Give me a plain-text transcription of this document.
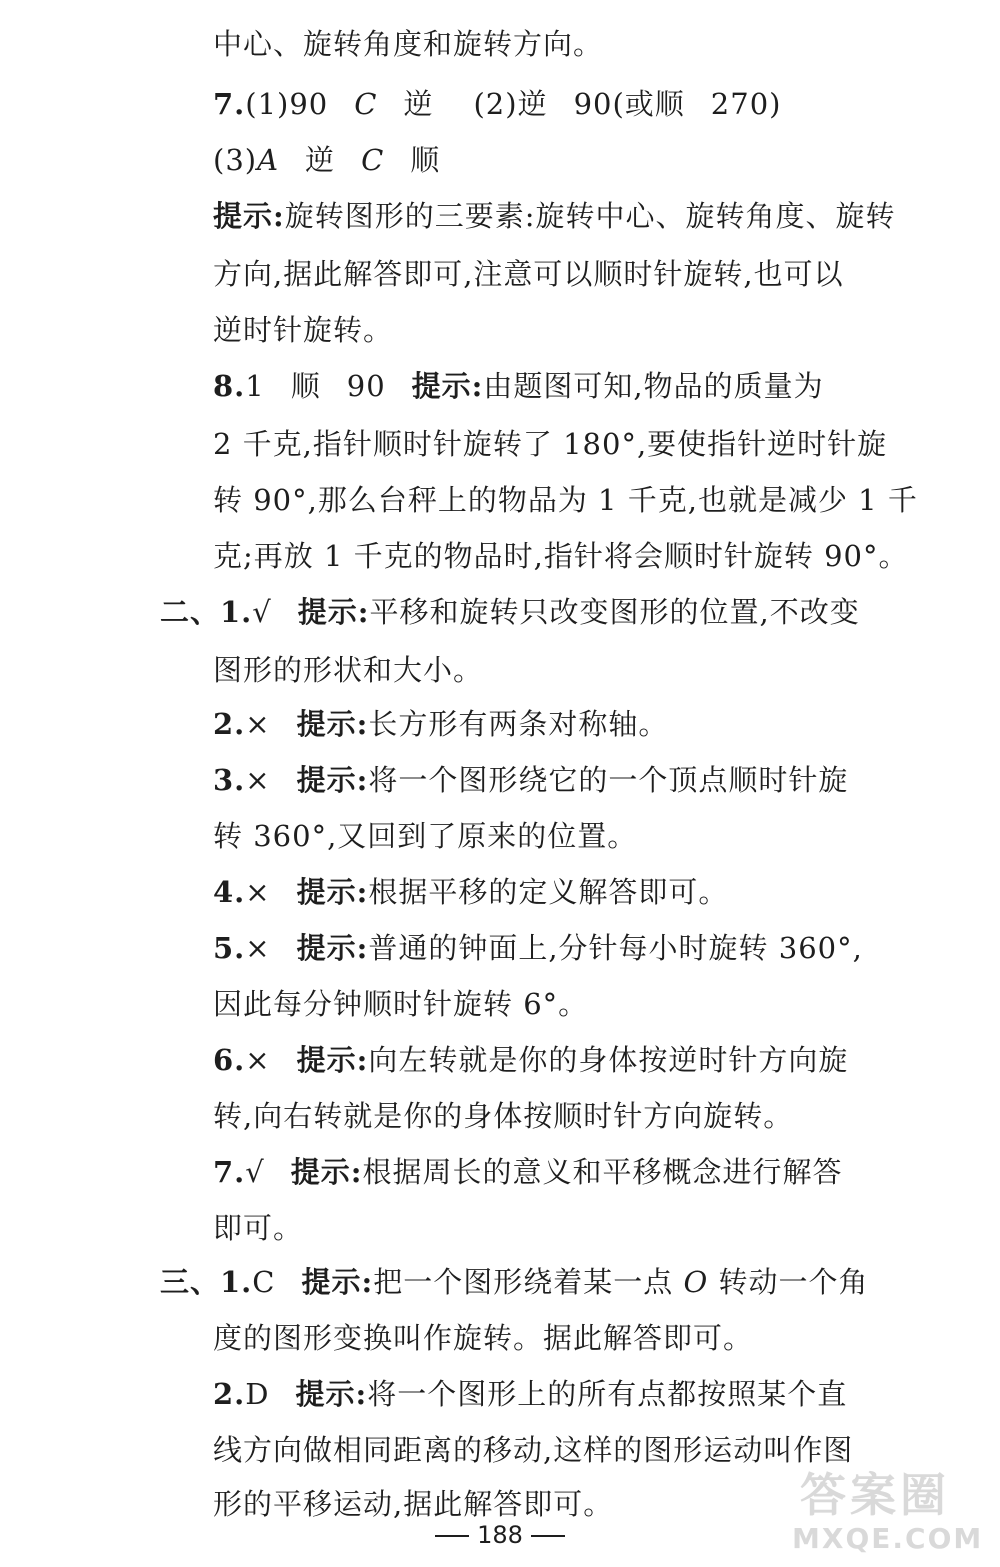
中心、旋转角度和旋转方向。
7.(1)90 C 逆 (2)逆 90(或顺 270)
(3)A 逆 C 顺
提示:旋转图形的三要素:旋转中心、旋转角度、旋转
方向,据此解答即可,注意可以顺时针旋转,也可以
逆时针旋转。
8.1 顺 90 提示:由题图可知,物品的质量为
2 千克,指针顺时针旋转了 180°,要使指针逆时针旋
转 90°,那么台秤上的物品为 1 千克,也就是减少 1 千
克;再放 1 千克的物品时,指针将会顺时针旋转 90°。
二、1.√ 提示:平移和旋转只改变图形的位置,不改变
图形的形状和大小。
2.× 提示:长方形有两条对称轴。
3.× 提示:将一个图形绕它的一个顶点顺时针旋
转 360°,又回到了原来的位置。
4.× 提示:根据平移的定义解答即可。
5.× 提示:普通的钟面上,分针每小时旋转 360°,
因此每分钟顺时针旋转 6°。
6.× 提示:向左转就是你的身体按逆时针方向旋
转,向右转就是你的身体按顺时针方向旋转。
7.√ 提示:根据周长的意义和平移概念进行解答
即可。
三、1.C 提示:把一个图形绕着某一点 O 转动一个角
度的图形变换叫作旋转。据此解答即可。
2.D 提示:将一个图形上的所有点都按照某个直
线方向做相同距离的移动,这样的图形运动叫作图
形的平移运动,据此解答即可。
188
答案圈
MXQE.COM
